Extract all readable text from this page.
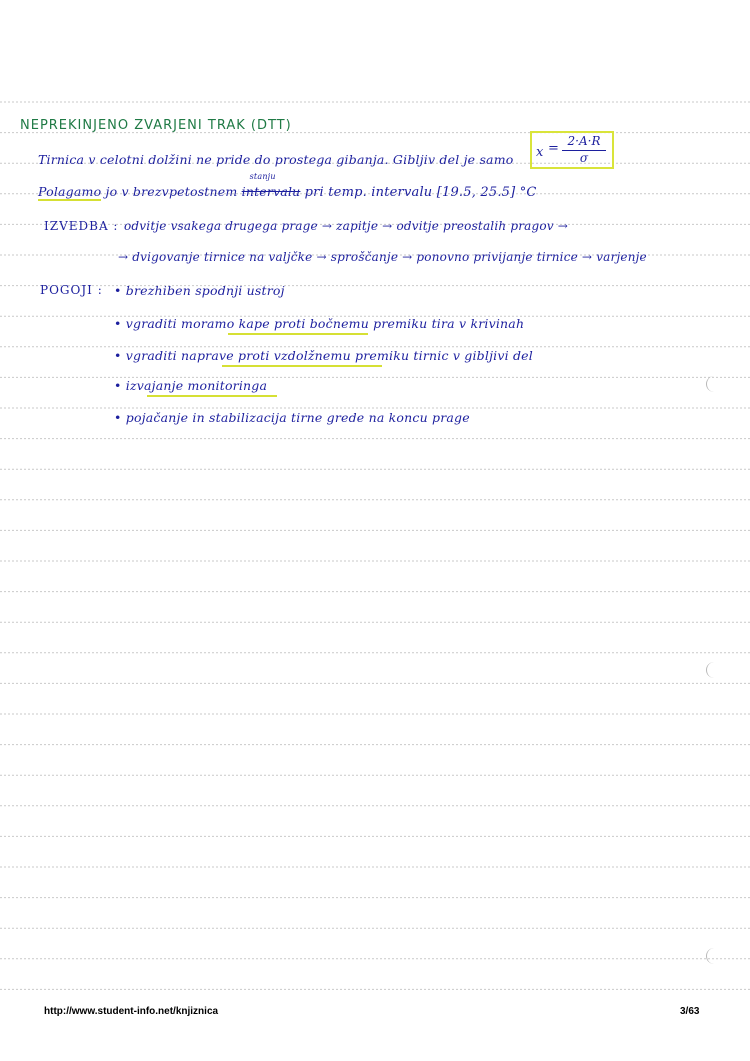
NEPREKINJENO ZVARJENI TRAK (DTT)
Tirnica v celotni dolžini ne pride do prostega gibanja. Gibljiv del je samo x = 2·A·R
σ
Polagamo jo v brezvpetostnem intervalu
stanju
pri temp. intervalu [19.5, 25.5] °C
IZVEDBA : odvitje vsakega drugega prage → zapitje → odvitje preostalih pragov →
→ dvigovanje tirnice na valjčke → sproščanje → ponovno privijanje tirnice → varjenje
POGOJI : • brezhiben spodnji ustroj
• vgraditi moramo kape proti bočnemu premiku tira v krivinah
• vgraditi naprave proti vzdolžnemu premiku tirnic v gibljivi del
• izvajanje monitoringa
• pojačanje in stabilizacija tirne grede na koncu prage
http://www.student-info.net/knjiznica	3/63
